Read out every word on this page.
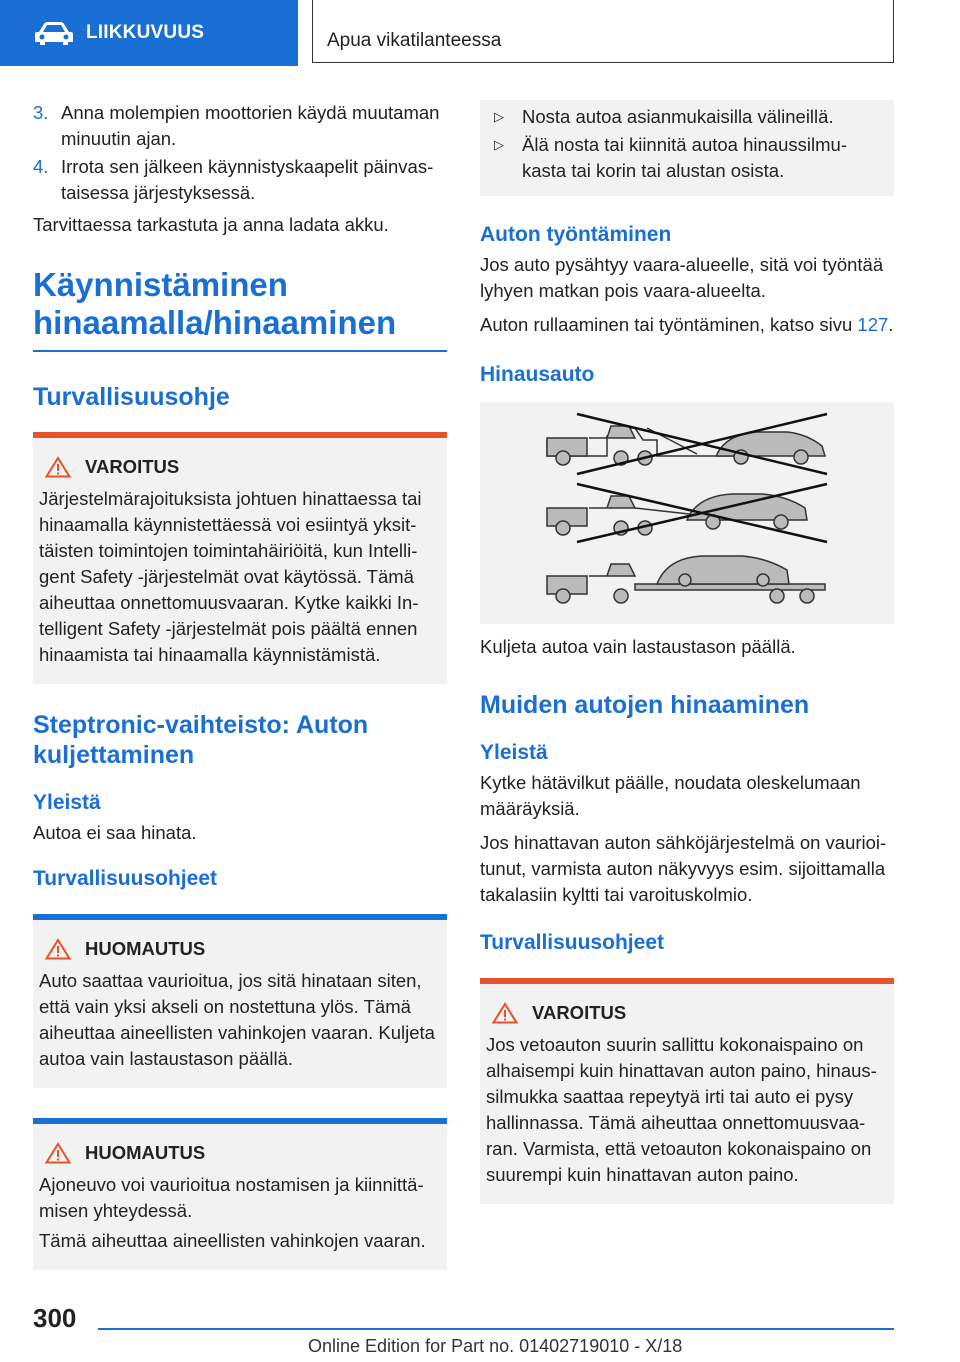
LIIKKUVUUS	Apua vikatilanteessa
3. Anna molempien moottorien käydä muutaman minuutin ajan.
4. Irrota sen jälkeen käynnistyskaapelit päinvastaisessa järjestyksessä.

Tarvittaessa tarkastuta ja anna ladata akku.

Käynnistäminen hinaamalla/hinaaminen
Turvallisuusohje
VAROITUS

Järjestelmärajoituksista johtuen hinattaessa tai hinaamalla käynnistettäessä voi esiintyä yksittäisten toimintojen toimintahäiriöitä, kun Intelligent Safety -järjestelmät ovat käytössä. Tämä aiheuttaa onnettomuusvaaran. Kytke kaikki Intelligent Safety -järjestelmät pois päältä ennen hinaamista tai hinaamalla käynnistämistä.

Steptronic-vaihteisto: Auton kuljettaminen
Yleistä

Autoa ei saa hinata.

Turvallisuusohjeet
HUOMAUTUS

Auto saattaa vaurioitua, jos sitä hinataan siten, että vain yksi akseli on nostettuna ylös. Tämä aiheuttaa aineellisten vahinkojen vaaran. Kuljeta autoa vain lastaustason päällä.

HUOMAUTUS

Ajoneuvo voi vaurioitua nostamisen ja kiinnittämisen yhteydessä.

Tämä aiheuttaa aineellisten vahinkojen vaaran.

▷ Nosta autoa asianmukaisilla välineillä.
▷ Älä nosta tai kiinnitä autoa hinaussilmukasta tai korin tai alustan osista.
Auton työntäminen

Jos auto pysähtyy vaara-alueelle, sitä voi työntää lyhyen matkan pois vaara-alueelta.

Auton rullaaminen tai työntäminen, katso sivu 127.

Hinausauto

Kuljeta autoa vain lastaustason päällä.

Muiden autojen hinaaminen
Yleistä

Kytke hätävilkut päälle, noudata oleskelumaan määräyksiä.

Jos hinattavan auton sähköjärjestelmä on vaurioitunut, varmista auton näkyvyys esim. sijoittamalla takalasiin kyltti tai varoituskolmio.

Turvallisuusohjeet
VAROITUS

Jos vetoauton suurin sallittu kokonaispaino on alhaisempi kuin hinattavan auton paino, hinaussilmukka saattaa repeytyä irti tai auto ei pysy hallinnassa. Tämä aiheuttaa onnettomuusvaaran. Varmista, että vetoauton kokonaispaino on suurempi kuin hinattavan auton paino.

300
Online Edition for Part no. 01402719010 - X/18
